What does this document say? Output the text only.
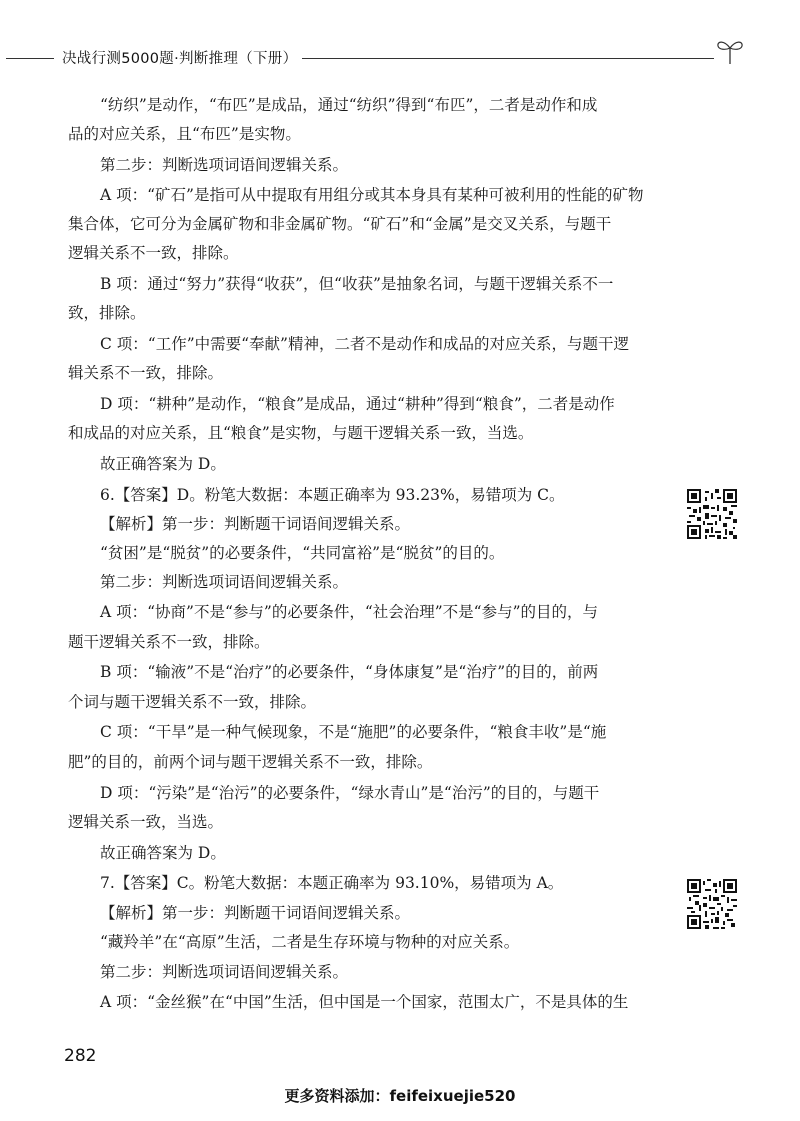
决战行测5000题·判断推理（下册）
“纺织”是动作，“布匹”是成品，通过“纺织”得到“布匹”，二者是动作和成
品的对应关系，且“布匹”是实物。
第二步：判断选项词语间逻辑关系。
A 项：“矿石”是指可从中提取有用组分或其本身具有某种可被利用的性能的矿物
集合体，它可分为金属矿物和非金属矿物。“矿石”和“金属”是交叉关系，与题干
逻辑关系不一致，排除。
B 项：通过“努力”获得“收获”，但“收获”是抽象名词，与题干逻辑关系不一
致，排除。
C 项：“工作”中需要“奉献”精神，二者不是动作和成品的对应关系，与题干逻
辑关系不一致，排除。
D 项：“耕种”是动作，“粮食”是成品，通过“耕种”得到“粮食”，二者是动作
和成品的对应关系，且“粮食”是实物，与题干逻辑关系一致，当选。
故正确答案为 D。
6.【答案】D。粉笔大数据：本题正确率为 93.23%，易错项为 C。
【解析】第一步：判断题干词语间逻辑关系。
“贫困”是“脱贫”的必要条件，“共同富裕”是“脱贫”的目的。
第二步：判断选项词语间逻辑关系。
A 项：“协商”不是“参与”的必要条件，“社会治理”不是“参与”的目的，与
题干逻辑关系不一致，排除。
B 项：“输液”不是“治疗”的必要条件，“身体康复”是“治疗”的目的，前两
个词与题干逻辑关系不一致，排除。
C 项：“干旱”是一种气候现象，不是“施肥”的必要条件，“粮食丰收”是“施
肥”的目的，前两个词与题干逻辑关系不一致，排除。
D 项：“污染”是“治污”的必要条件，“绿水青山”是“治污”的目的，与题干
逻辑关系一致，当选。
故正确答案为 D。
7.【答案】C。粉笔大数据：本题正确率为 93.10%，易错项为 A。
【解析】第一步：判断题干词语间逻辑关系。
“藏羚羊”在“高原”生活，二者是生存环境与物种的对应关系。
第二步：判断选项词语间逻辑关系。
A 项：“金丝猴”在“中国”生活，但中国是一个国家，范围太广，不是具体的生
282
更多资料添加：feifeixuejie520
